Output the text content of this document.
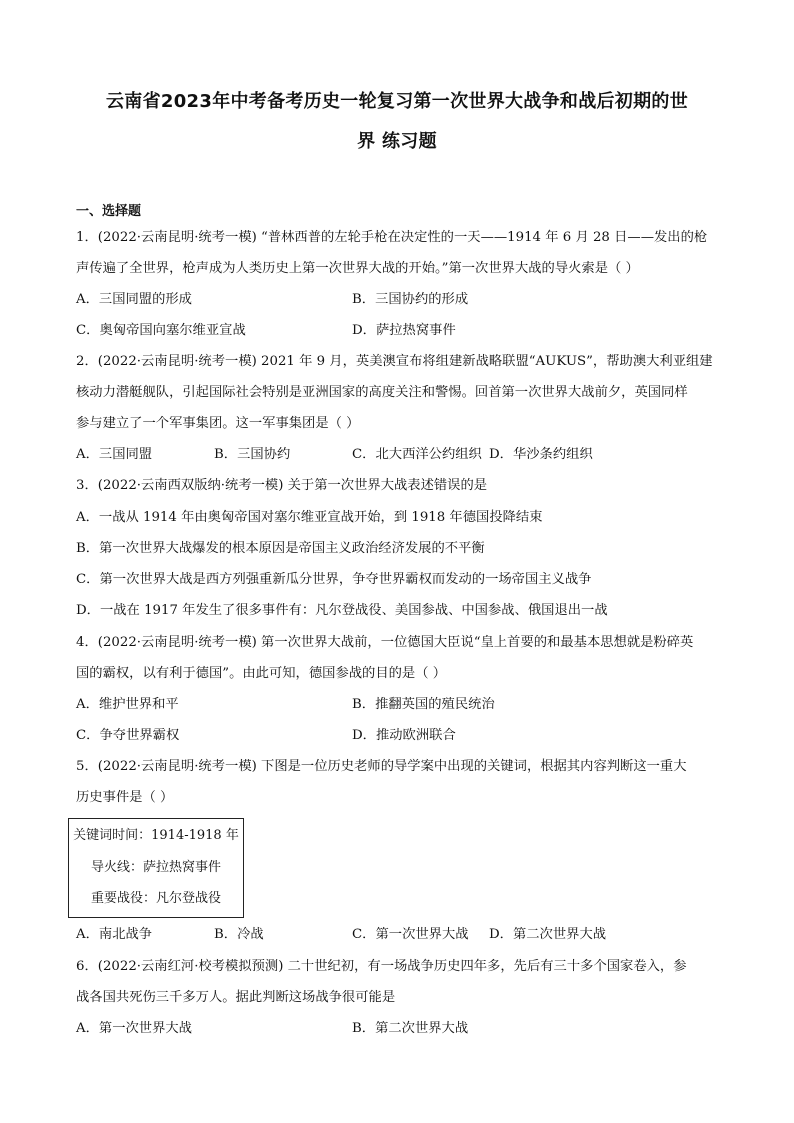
云南省2023年中考备考历史一轮复习第一次世界大战争和战后初期的世
界 练习题
一、选择题
1．(2022·云南昆明·统考一模) “普林西普的左轮手枪在决定性的一天——1914 年 6 月 28 日——发出的枪
声传遍了全世界，枪声成为人类历史上第一次世界大战的开始。”第一次世界大战的导火索是（ ）
A．三国同盟的形成	B．三国协约的形成
C．奥匈帝国向塞尔维亚宣战	D．萨拉热窝事件
2．(2022·云南昆明·统考一模) 2021 年 9 月，英美澳宣布将组建新战略联盟“AUKUS”，帮助澳大利亚组建
核动力潜艇舰队，引起国际社会特别是亚洲国家的高度关注和警惕。回首第一次世界大战前夕，英国同样
参与建立了一个军事集团。这一军事集团是（ ）
A．三国同盟	B．三国协约	C．北大西洋公约组织 D．华沙条约组织
3．(2022·云南西双版纳·统考一模) 关于第一次世界大战表述错误的是
A．一战从 1914 年由奥匈帝国对塞尔维亚宣战开始，到 1918 年德国投降结束
B．第一次世界大战爆发的根本原因是帝国主义政治经济发展的不平衡
C．第一次世界大战是西方列强重新瓜分世界，争夺世界霸权而发动的一场帝国主义战争
D．一战在 1917 年发生了很多事件有：凡尔登战役、美国参战、中国参战、俄国退出一战
4．(2022·云南昆明·统考一模) 第一次世界大战前，一位德国大臣说“皇上首要的和最基本思想就是粉碎英
国的霸权，以有利于德国”。由此可知，德国参战的目的是（ ）
A．维护世界和平	B．推翻英国的殖民统治
C．争夺世界霸权	D．推动欧洲联合
5．(2022·云南昆明·统考一模) 下图是一位历史老师的导学案中出现的关键词，根据其内容判断这一重大
历史事件是（ ）
关键词时间：1914-1918 年
导火线：萨拉热窝事件
重要战役：凡尔登战役
A．南北战争	B．冷战	C．第一次世界大战 D．第二次世界大战
6．(2022·云南红河·校考模拟预测) 二十世纪初，有一场战争历史四年多，先后有三十多个国家卷入，参
战各国共死伤三千多万人。据此判断这场战争很可能是
A．第一次世界大战	B．第二次世界大战
